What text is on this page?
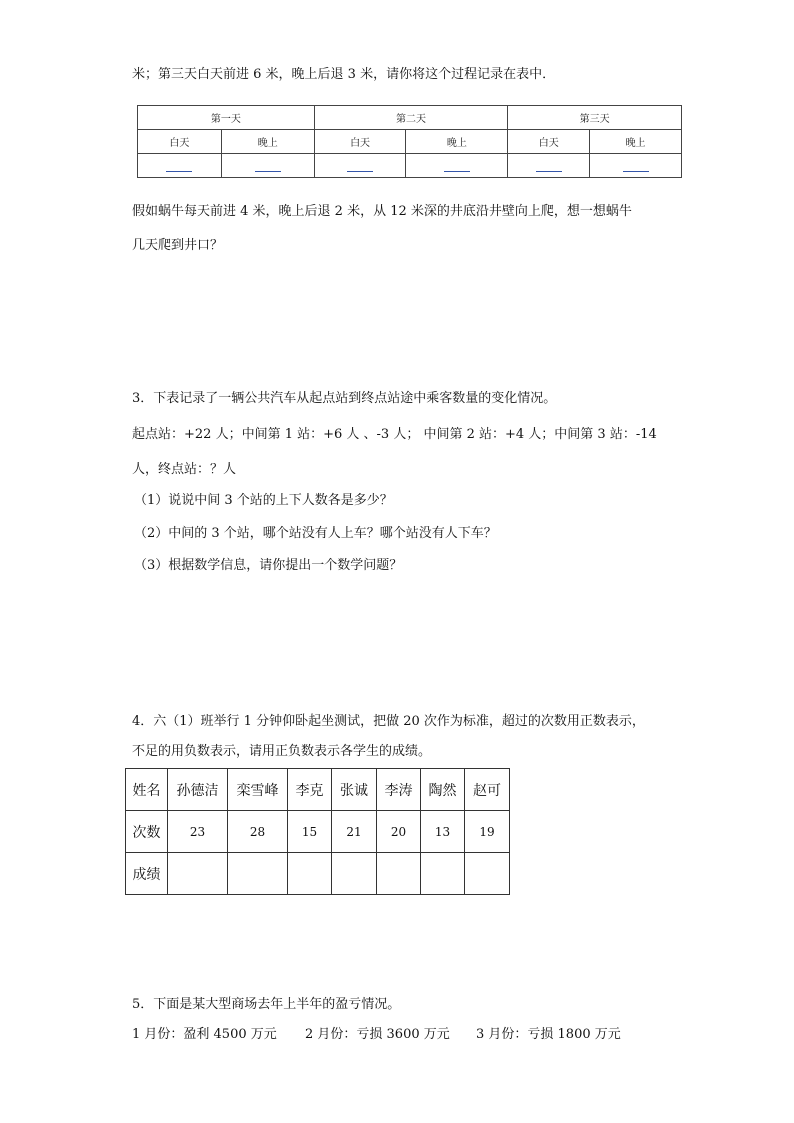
米；第三天白天前进 6 米，晚上后退 3 米，请你将这个过程记录在表中．
第一天		第二天		第三天	
白天	晚上	白天	晚上	白天	晚上

假如蜗牛每天前进 4 米，晚上后退 2 米，从 12 米深的井底沿井壁向上爬，想一想蜗牛
几天爬到井口？
3．下表记录了一辆公共汽车从起点站到终点站途中乘客数量的变化情况。
起点站：+22 人；中间第 1 站：+6 人 、-3 人； 中间第 2 站：+4 人；中间第 3 站：-14
人，终点站：？人
（1）说说中间 3 个站的上下人数各是多少？
（2）中间的 3 个站，哪个站没有人上车？哪个站没有人下车？
（3）根据数学信息，请你提出一个数学问题？
4．六（1）班举行 1 分钟仰卧起坐测试，把做 20 次作为标准，超过的次数用正数表示，
不足的用负数表示，请用正负数表示各学生的成绩。
姓名	孙德洁	栾雪峰	李克	张诚	李涛	陶然	赵可
次数	23	28	15	21	20	13	19
成绩							
5．下面是某大型商场去年上半年的盈亏情况。
1 月份：盈利 4500 万元 2 月份：亏损 3600 万元 3 月份：亏损 1800 万元
